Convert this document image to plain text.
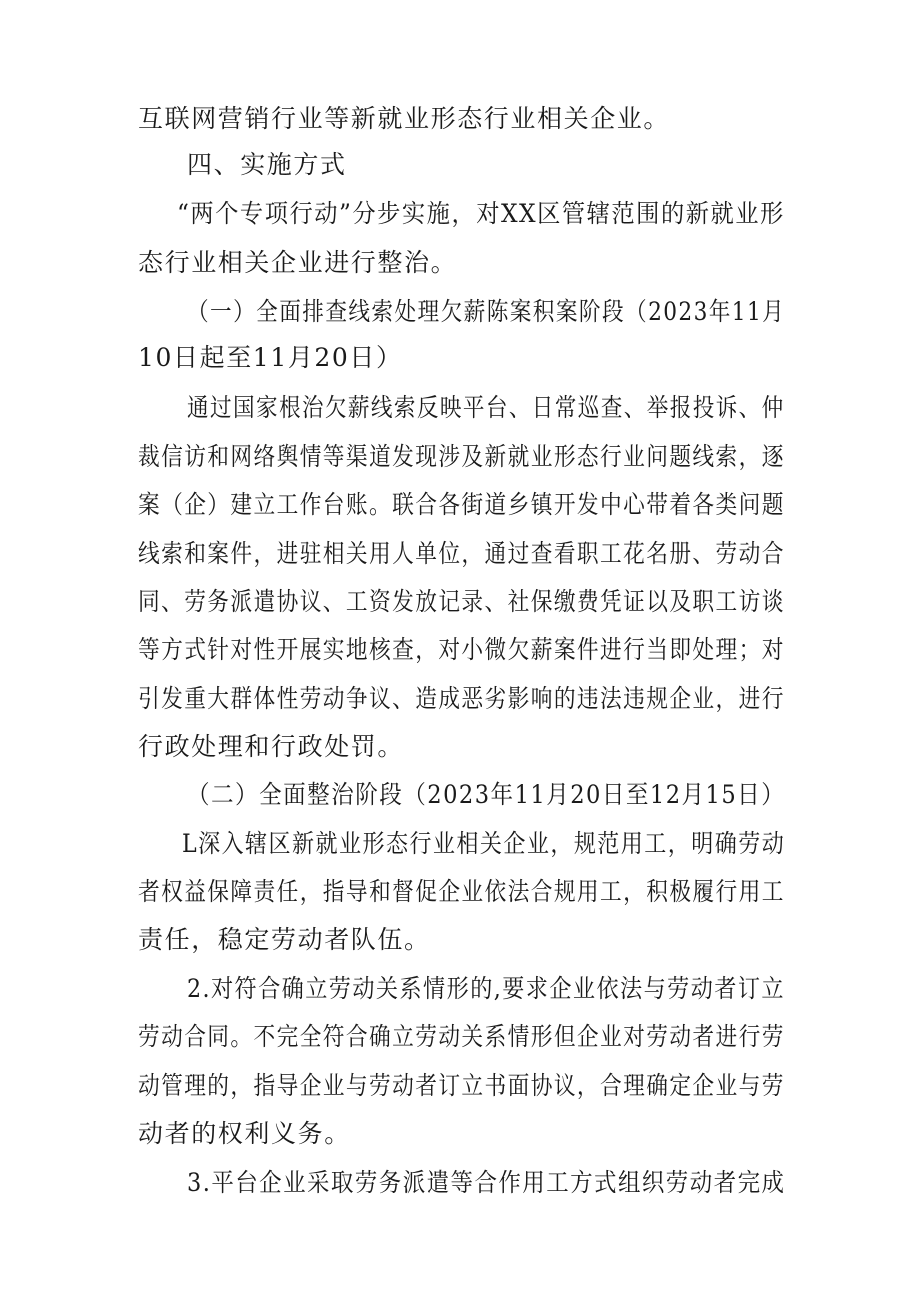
互联网营销行业等新就业形态行业相关企业。
四、实施方式
“两个专项行动”分步实施，对XX区管辖范围的新就业形
态行业相关企业进行整治。
（一）全面排查线索处理欠薪陈案积案阶段（2023年11月
10日起至11月20日）
通过国家根治欠薪线索反映平台、日常巡查、举报投诉、仲
裁信访和网络舆情等渠道发现涉及新就业形态行业问题线索，逐
案（企）建立工作台账。联合各街道乡镇开发中心带着各类问题
线索和案件，进驻相关用人单位，通过查看职工花名册、劳动合
同、劳务派遣协议、工资发放记录、社保缴费凭证以及职工访谈
等方式针对性开展实地核查，对小微欠薪案件进行当即处理；对
引发重大群体性劳动争议、造成恶劣影响的违法违规企业，进行
行政处理和行政处罚。
（二）全面整治阶段（2023年11月20日至12月15日）
L深入辖区新就业形态行业相关企业，规范用工，明确劳动
者权益保障责任，指导和督促企业依法合规用工，积极履行用工
责任，稳定劳动者队伍。
2.对符合确立劳动关系情形的,要求企业依法与劳动者订立
劳动合同。不完全符合确立劳动关系情形但企业对劳动者进行劳
动管理的，指导企业与劳动者订立书面协议，合理确定企业与劳
动者的权利义务。
3.平台企业采取劳务派遣等合作用工方式组织劳动者完成
